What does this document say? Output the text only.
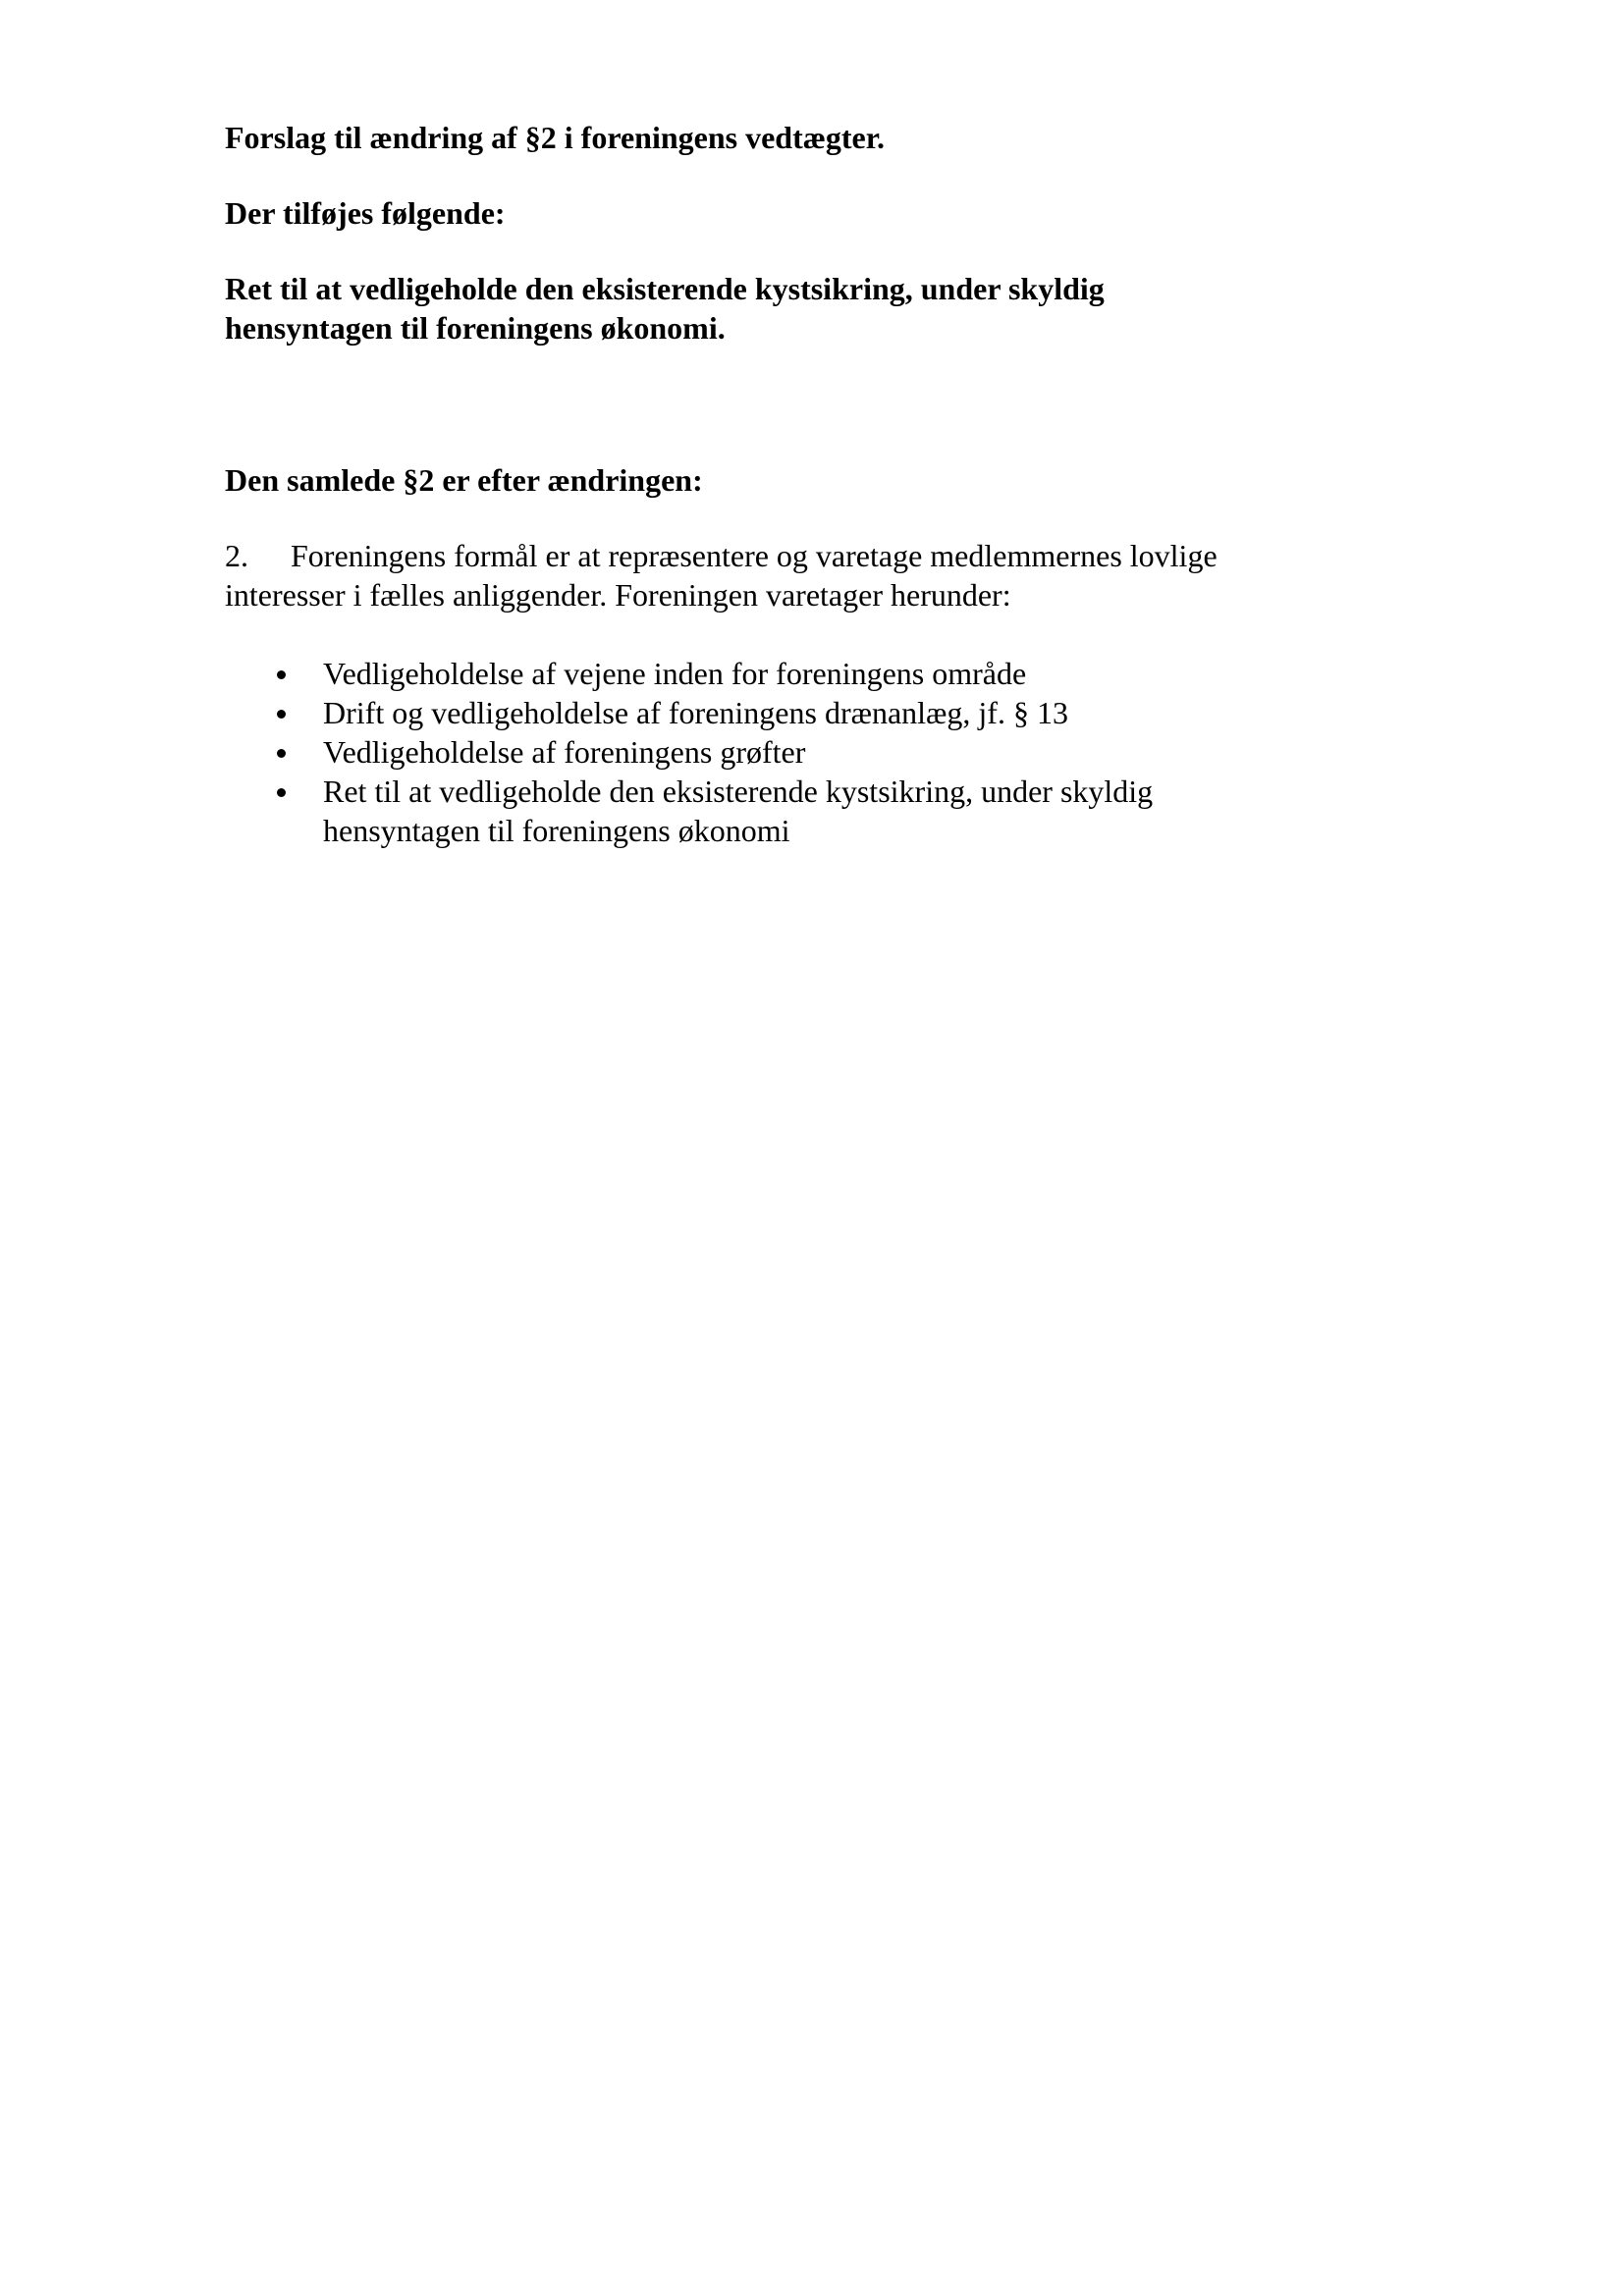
Forslag til ændring af §2 i foreningens vedtægter.

Der tilføjes følgende:

Ret til at vedligeholde den eksisterende kystsikring, under skyldig
hensyntagen til foreningens økonomi.

Den samlede §2 er efter ændringen:

2. Foreningens formål er at repræsentere og varetage medlemmernes lovlige
interesser i fælles anliggender. Foreningen varetager herunder:

Vedligeholdelse af vejene inden for foreningens område
Drift og vedligeholdelse af foreningens drænanlæg, jf. § 13
Vedligeholdelse af foreningens grøfter
Ret til at vedligeholde den eksisterende kystsikring, under skyldig
hensyntagen til foreningens økonomi
